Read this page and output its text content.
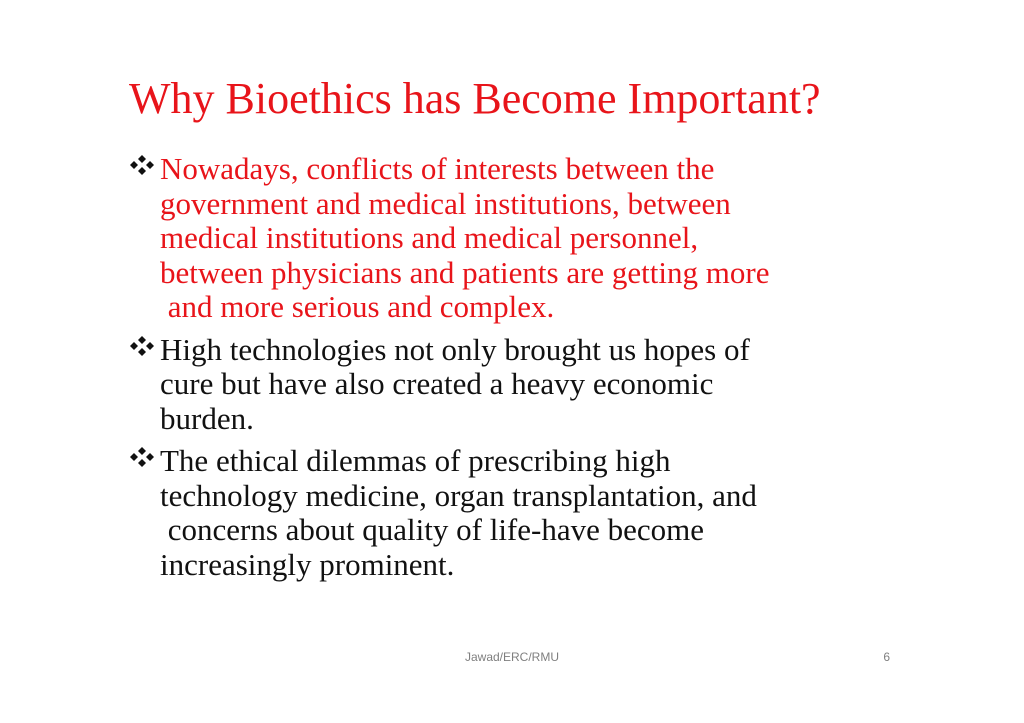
Why Bioethics has Become Important?
Nowadays, conflicts of interests between the
government and medical institutions, between
medical institutions and medical personnel,
between physicians and patients are getting more
and more serious and complex.
High technologies not only brought us hopes of
cure but have also created a heavy economic
burden.
The ethical dilemmas of prescribing high
technology medicine, organ transplantation, and
concerns about quality of life-have become
increasingly prominent.
Jawad/ERC/RMU	6
